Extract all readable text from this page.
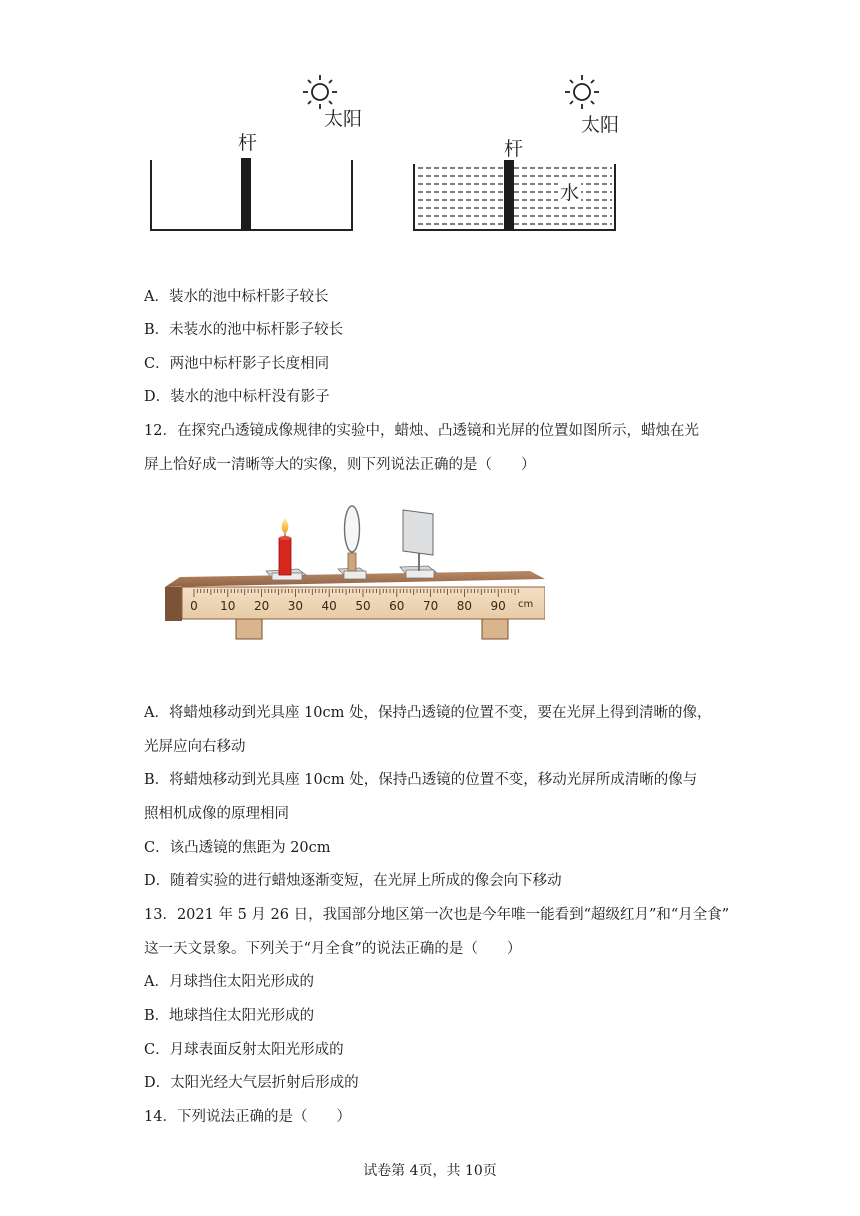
太阳
杆
太阳
杆
水
A．装水的池中标杆影子较长
B．未装水的池中标杆影子较长
C．两池中标杆影子长度相同
D．装水的池中标杆没有影子
12．在探究凸透镜成像规律的实验中，蜡烛、凸透镜和光屏的位置如图所示，蜡烛在光
屏上恰好成一清晰等大的实像，则下列说法正确的是（　　）
0 10 20 30 40 50 60 70 80 90 cm
A．将蜡烛移动到光具座 10cm 处，保持凸透镜的位置不变，要在光屏上得到清晰的像，
光屏应向右移动
B．将蜡烛移动到光具座 10cm 处，保持凸透镜的位置不变，移动光屏所成清晰的像与
照相机成像的原理相同
C．该凸透镜的焦距为 20cm
D．随着实验的进行蜡烛逐渐变短，在光屏上所成的像会向下移动
13．2021 年 5 月 26 日，我国部分地区第一次也是今年唯一能看到“超级红月”和“月全食”
这一天文景象。下列关于“月全食”的说法正确的是（　　）
A．月球挡住太阳光形成的
B．地球挡住太阳光形成的
C．月球表面反射太阳光形成的
D．太阳光经大气层折射后形成的
14．下列说法正确的是（　　）
试卷第 4页，共 10页
